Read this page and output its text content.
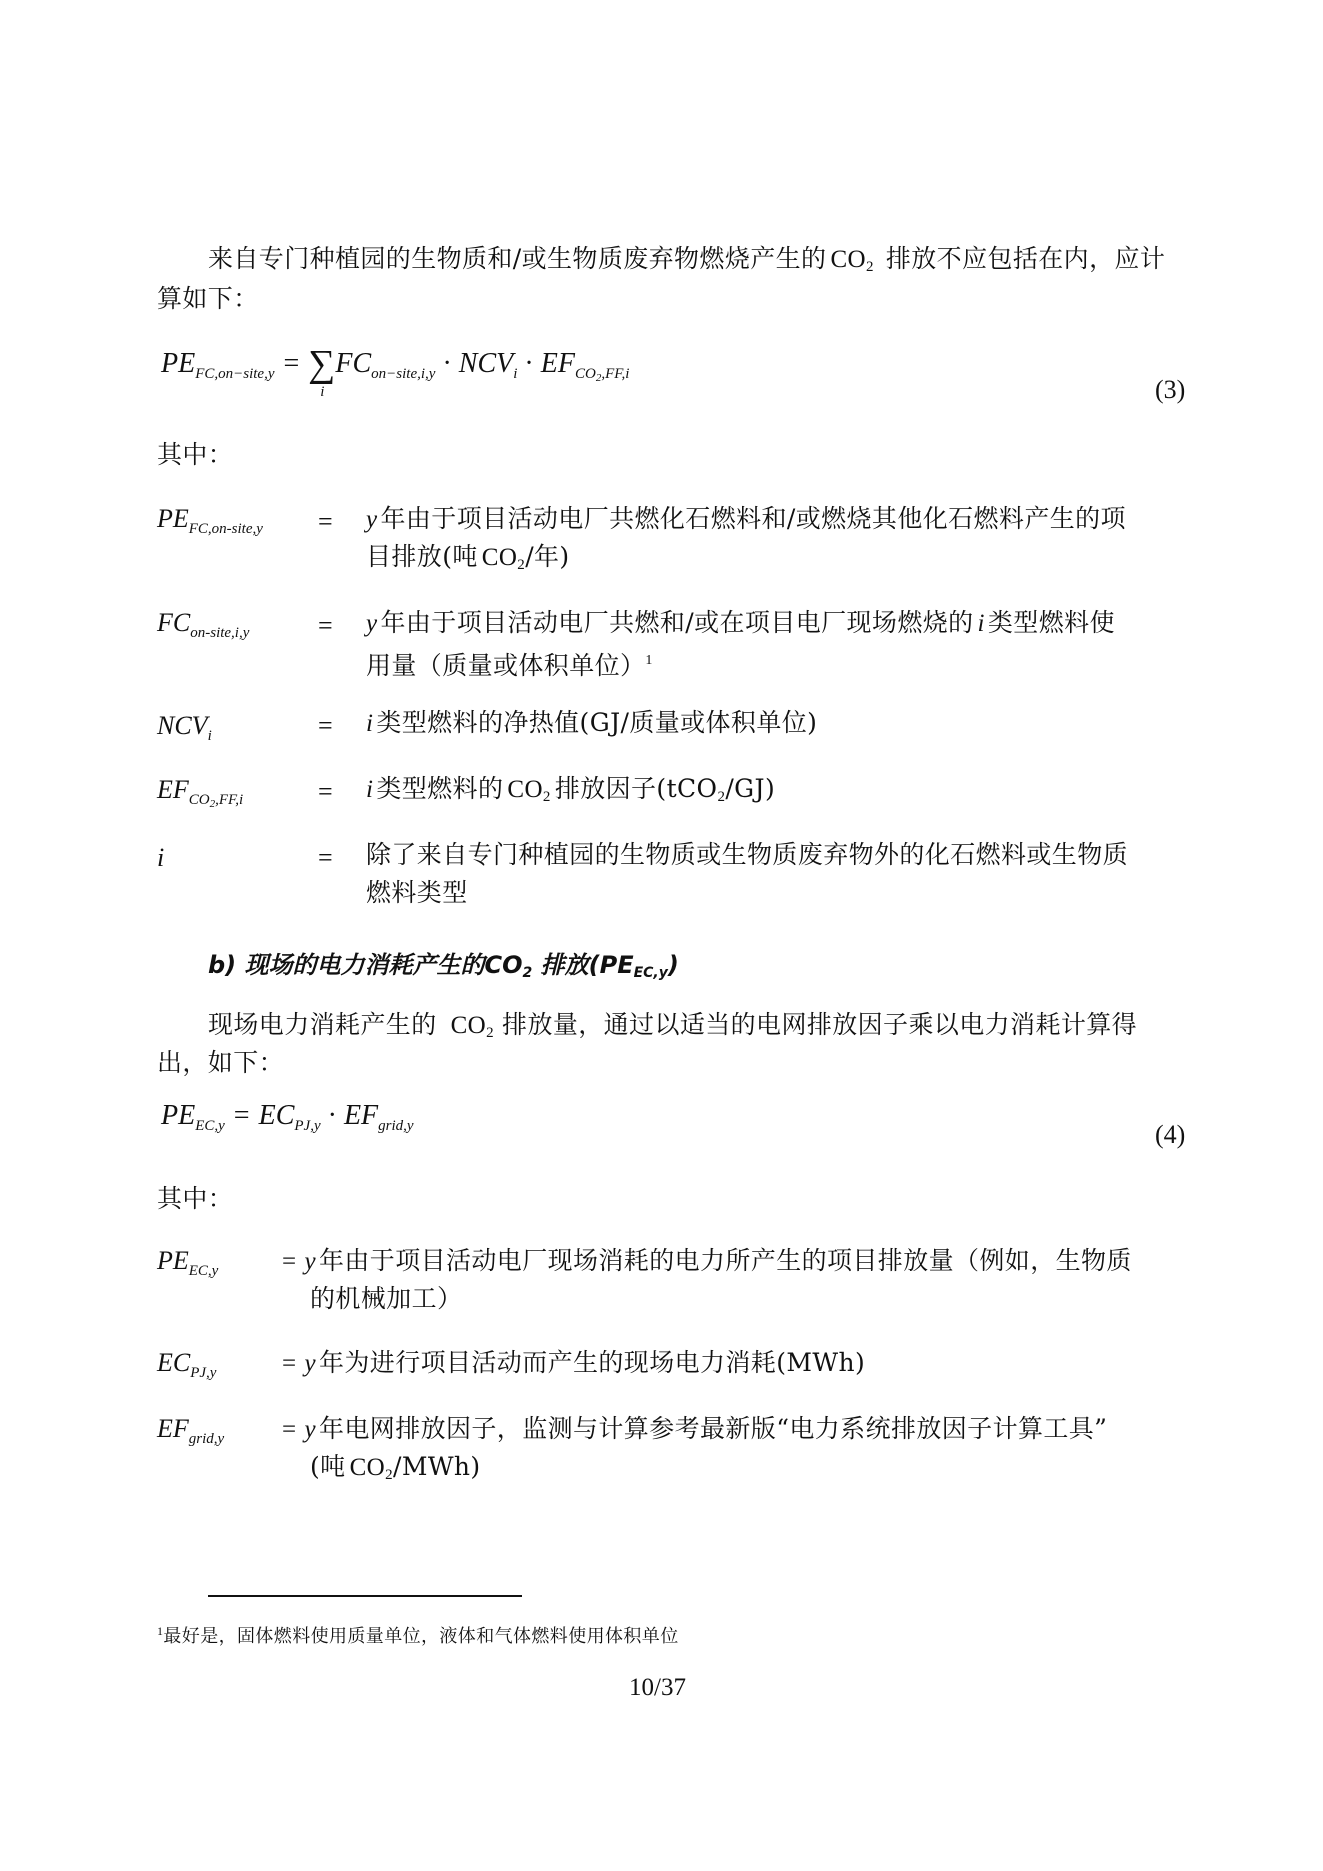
来自专门种植园的生物质和/或生物质废弃物燃烧产生的 $CO_2$ 排放不应包括在内，应计
算如下：
$PE_{FC,on-site,y}$ = ∑
i
$FC_{on-site,i,y} \cdot NCV_i \cdot EF_{CO_2,FF,i}$
(3)
其中：
$PE_{FC,on-site,y} = y$ 年由于项目活动电厂共燃化石燃料和/或燃烧其他化石燃料产生的项
目排放(吨 $CO_2/$年)
$FC_{on-site,i,y}$	= y 年由于项目活动电厂共燃和/或在项目电厂现场燃烧的 i 类型燃料使
用量（质量或体积单位）$^1$
$NCV_i$	= i 类型燃料的净热值(GJ/质量或体积单位)
$EF_{CO_2,FF,i}$	= i 类型燃料的 $CO_2$ 排放因子(tCO$_2$/GJ)
i	= 除了来自专门种植园的生物质或生物质废弃物外的化石燃料或生物质
燃料类型
b) 现场的电力消耗产生的$CO_2$ 排放$(PE_{EC,y})$
现场电力消耗产生的 $CO_2$ 排放量，通过以适当的电网排放因子乘以电力消耗计算得
出，如下：
$PE_{EC,y} = EC_{PJ,y} \cdot EF_{grid,y}$	(4)
其中：
$PE_{EC,y}$	= y 年由于项目活动电厂现场消耗的电力所产生的项目排放量（例如，生物质
的机械加工）
$EC_{PJ,y}$	= y 年为进行项目活动而产生的现场电力消耗(MWh)
$EF_{grid,y} = y$ 年电网排放因子，监测与计算参考最新版“电力系统排放因子计算工具”
(吨 $CO_2/MWh$)
$^1$最好是，固体燃料使用质量单位，液体和气体燃料使用体积单位
10/37
